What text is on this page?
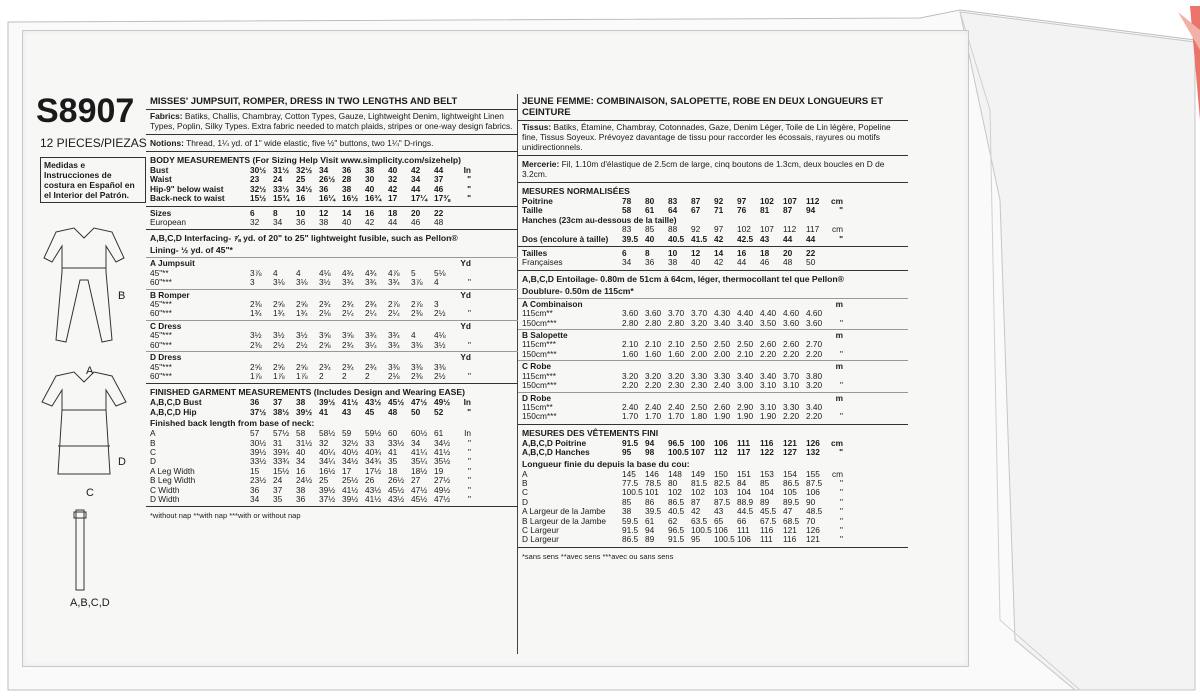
S8907
12 PIECES/PIEZAS
Medidas e Instrucciones de costura en Español en el Interior del Patrón.
B
A
D
C
A,B,C,D
MISSES' JUMPSUIT, ROMPER, DRESS IN TWO LENGTHS AND BELT
Fabrics: Batiks, Challis, Chambray, Cotton Types, Gauze, Lightweight Denim, lightweight Linen Types, Poplin, Silky Types. Extra fabric needed to match plaids, stripes or one-way design fabrics.
Notions: Thread, 1¼ yd. of 1" wide elastic, five ½" buttons, two 1¼" D-rings.
BODY MEASUREMENTS (For Sizing Help Visit www.simplicity.com/sizehelp)
Bust	30½ 31½ 32½ 34	36	38	40	42	44	In
Waist	23	24	25	26½ 28	30	32	34	37	"
Hip-9" below waist	32½ 33½ 34½ 36	38	40	42	44	46	"
Back-neck to waist	15½ 15¾ 16	16¼ 16½ 16¾ 17	17¼ 17⅜	"
Sizes	6	8	10	12	14	16	18	20	22
European	32	34	36	38	40	42	44	46	48
A,B,C,D Interfacing- ⅞ yd. of 20" to 25" lightweight fusible, such as Pellon®
Lining- ½ yd. of 45"*
A Jumpsuit	Yd
45"**	3⅞	4	4	4⅛	4¾	4¾	4⅞	5	5⅛
60"***	3	3⅛	3⅛	3½	3¾	3¾	3¾	3⅞	4	"
B Romper	Yd
45"***	2⅜	2⅝	2⅝	2¾	2¾	2¾	2⅞	2⅞	3
60"***	1¾	1¾	1¾	2⅛	2¼	2¼	2¼	2⅜	2½	"
C Dress	Yd
45"***	3½	3½	3½	3⅝	3⅝	3¾	3¾	4	4⅛
60"***	2⅜	2½	2½	2⅝	2¾	3¼	3¾	3⅜	3½	"
D Dress	Yd
45"***	2⅝	2⅝	2⅝	2¾	2¾	2¾	3⅜	3⅜	3⅜
60"***	1⅞	1⅞	1⅞	2	2	2	2⅛	2⅜	2½	"
FINISHED GARMENT MEASUREMENTS (Includes Design and Wearing EASE)
A,B,C,D Bust	36	37	38	39½ 41½ 43½ 45½ 47½ 49½	In
A,B,C,D Hip	37½ 38½ 39½ 41	43	45	48	50	52	"
Finished back length from base of neck:
A	57	57½ 58	58½ 59	59½ 60	60½ 61	In
B	30½ 31	31½ 32	32½ 33	33½ 34	34½	"
C	39½ 39¾ 40	40¼ 40½ 40¾ 41	41¼ 41½	"
D	33½ 33¾ 34	34¼ 34½ 34¾ 35	35¼ 35½	"
A Leg Width	15	15½ 16	16½ 17	17½ 18	18½ 19	"
B Leg Width	23½ 24	24½ 25	25½ 26	26½ 27	27½	"
C Width	36	37	38	39½ 41½ 43½ 45½ 47½ 49½	"
D Width	34	35	36	37½ 39½ 41½ 43½ 45½ 47½	"
*without nap **with nap ***with or without nap
JEUNE FEMME: COMBINAISON, SALOPETTE, ROBE EN DEUX LONGUEURS ET CEINTURE
Tissus: Batiks, Étamine, Chambray, Cotonnades, Gaze, Denim Léger, Toile de Lin légère, Popeline fine, Tissus Soyeux. Prévoyez davantage de tissu pour raccorder les écossais, rayures ou motifs unidirectionnels.
Mercerie: Fil, 1.10m d'élastique de 2.5cm de large, cinq boutons de 1.3cm, deux boucles en D de 3.2cm.
MESURES NORMALISÉES
Poitrine	78	80	83	87	92	97	102	107	112	cm
Taille	58	61	64	67	71	76	81	87	94	"
Hanches (23cm au-dessous de la taille)
83	85	88	92	97	102	107	112	117	cm
Dos (encolure à taille)	39.5 40	40.5 41.5 42	42.5 43	44	44	"
Tailles	6	8	10	12	14	16	18	20	22
Françaises	34	36	38	40	42	44	46	48	50
A,B,C,D Entoilage- 0.80m de 51cm à 64cm, léger, thermocollant tel que Pellon®
Doublure- 0.50m de 115cm*
A Combinaison	m
115cm**	3.60 3.60 3.70 3.70 4.30 4.40 4.40 4.60 4.60
150cm***	2.80 2.80 2.80 3.20 3.40 3.40 3.50 3.60 3.60	"
B Salopette	m
115cm***	2.10 2.10 2.10 2.50 2.50 2.50 2.60 2.60 2.70
150cm***	1.60 1.60 1.60 2.00 2.00 2.10 2.20 2.20 2.20	"
C Robe	m
115cm***	3.20 3.20 3.20 3.30 3.30 3.40 3.40 3.70 3.80
150cm***	2.20 2.20 2.30 2.30 2.40 3.00 3.10 3.10 3.20	"
D Robe	m
115cm**	2.40 2.40 2.40 2.50 2.60 2.90 3.10 3.30 3.40
150cm***	1.70 1.70 1.70 1.80 1.90 1.90 1.90 2.20 2.20	"
MESURES DES VÊTEMENTS FINI
A,B,C,D Poitrine	91.5 94	96.5 100	106	111	116	121	126	cm
A,B,C,D Hanches	95	98	100.5 107	112	117	122	127	132	"
Longueur finie du depuis la base du cou:
A	145	146	148	149	150	151	153	154	155	cm
B	77.5 78.5 80	81.5 82.5 84	85	86.5 87.5	"
C	100.5 101	102	102	103	104	104	105	106	"
D	85	86	86.5 87	87.5 88.9 89	89.5 90	"
A Largeur de la Jambe	38	39.5 40.5 42	43	44.5 45.5 47	48.5	"
B Largeur de la Jambe	59.5 61	62	63.5 65	66	67.5 68.5 70	"
C Largeur	91.5 94	96.5 100.5 106	111	116	121	126	"
D Largeur	86.5 89	91.5 95	100.5 106	111	116	121	"
*sans sens **avec sens ***avec ou sans sens
